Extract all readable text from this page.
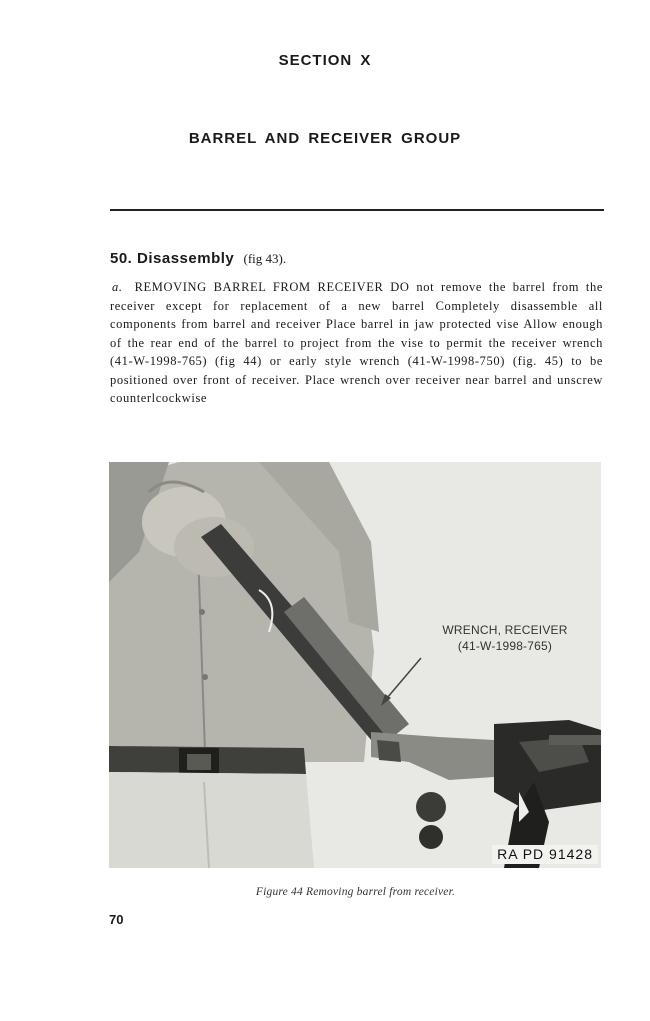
SECTION X
BARREL AND RECEIVER GROUP
50. Disassembly (fig 43).

a. REMOVING BARREL FROM RECEIVER DO not remove the barrel from the receiver except for replacement of a new barrel Completely disassemble all components from barrel and receiver Place barrel in jaw protected vise Allow enough of the rear end of the barrel to project from the vise to permit the receiver wrench (41-W-1998-765) (fig 44) or early style wrench (41-W-1998-750) (fig. 45) to be positioned over front of receiver. Place wrench over receiver near barrel and unscrew counterlcockwise

WRENCH, RECEIVER
(41-W-1998-765)
RA PD 91428
Figure 44 Removing barrel from receiver.
70
